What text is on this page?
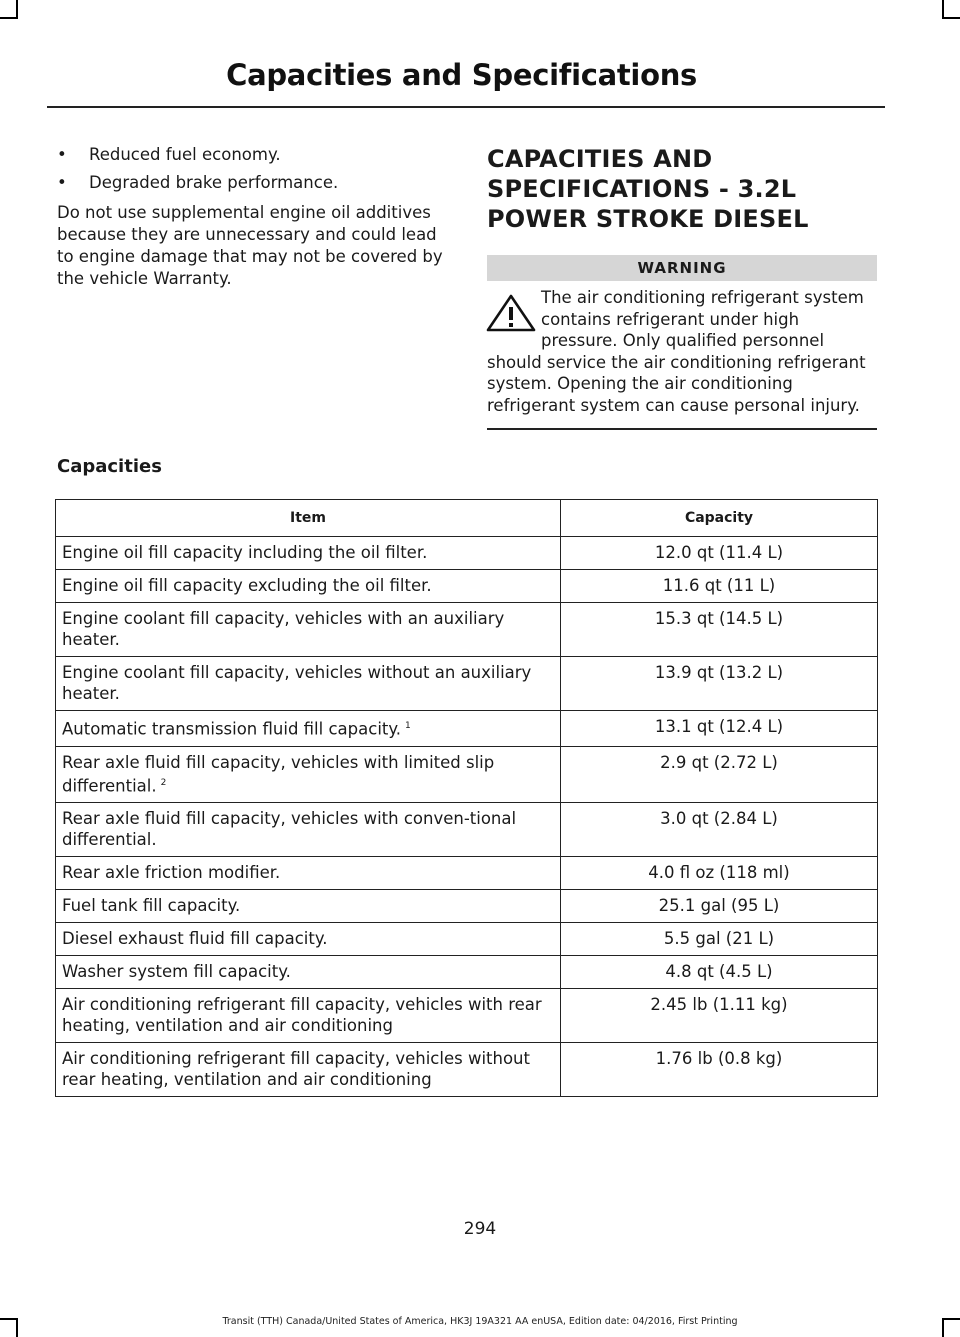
Capacities and Specifications
• Reduced fuel economy.
• Degraded brake performance.
Do not use supplemental engine oil additives because they are unnecessary and could lead to engine damage that may not be covered by the vehicle Warranty.
CAPACITIES AND
SPECIFICATIONS - 3.2L
POWER STROKE DIESEL
WARNING
The air conditioning refrigerant system contains refrigerant under high pressure. Only qualified personnel should service the air conditioning refrigerant system. Opening the air conditioning refrigerant system can cause personal injury.
Capacities
Item	Capacity
Engine oil fill capacity including the oil filter.	12.0 qt (11.4 L)
Engine oil fill capacity excluding the oil filter.	11.6 qt (11 L)
Engine coolant fill capacity, vehicles with an auxiliary heater.	15.3 qt (14.5 L)
Engine coolant fill capacity, vehicles without an auxiliary heater.	13.9 qt (13.2 L)
Automatic transmission fluid fill capacity. $^1$	13.1 qt (12.4 L)
Rear axle fluid fill capacity, vehicles with limited slip differential. $^2$	2.9 qt (2.72 L)
Rear axle fluid fill capacity, vehicles with conven-tional differential.	3.0 qt (2.84 L)
Rear axle friction modifier.	4.0 fl oz (118 ml)
Fuel tank fill capacity.	25.1 gal (95 L)
Diesel exhaust fluid fill capacity.	5.5 gal (21 L)
Washer system fill capacity.	4.8 qt (4.5 L)
Air conditioning refrigerant fill capacity, vehicles with rear heating, ventilation and air conditioning	2.45 lb (1.11 kg)
Air conditioning refrigerant fill capacity, vehicles without rear heating, ventilation and air conditioning	1.76 lb (0.8 kg)
294
Transit (TTH) Canada/United States of America, HK3J 19A321 AA enUSA, Edition date: 04/2016, First Printing
